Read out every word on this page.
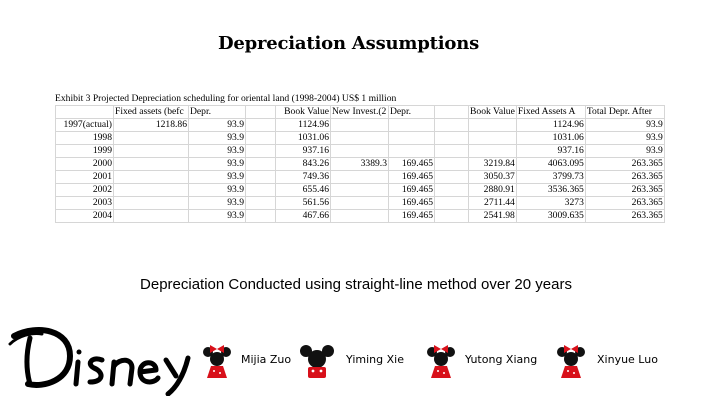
Depreciation Assumptions
Exhibit 3 Projected Depreciation scheduling for oriental land (1998-2004) US$ 1 million
	Fixed assets (befc	Depr.		Book Value	New Invest.(2	Depr.		Book Value	Fixed Assets A	Total Depr. After
1997(actual)	1218.86	93.9		1124.96					1124.96	93.9
1998		93.9		1031.06					1031.06	93.9
1999		93.9		937.16					937.16	93.9
2000		93.9		843.26	3389.3	169.465		3219.84	4063.095	263.365
2001		93.9		749.36		169.465		3050.37	3799.73	263.365
2002		93.9		655.46		169.465		2880.91	3536.365	263.365
2003		93.9		561.56		169.465		2711.44	3273	263.365
2004		93.9		467.66		169.465		2541.98	3009.635	263.365
Depreciation Conducted using straight-line method over 20 years
Mijia Zuo	Yiming Xie	Yutong Xiang	Xinyue Luo
